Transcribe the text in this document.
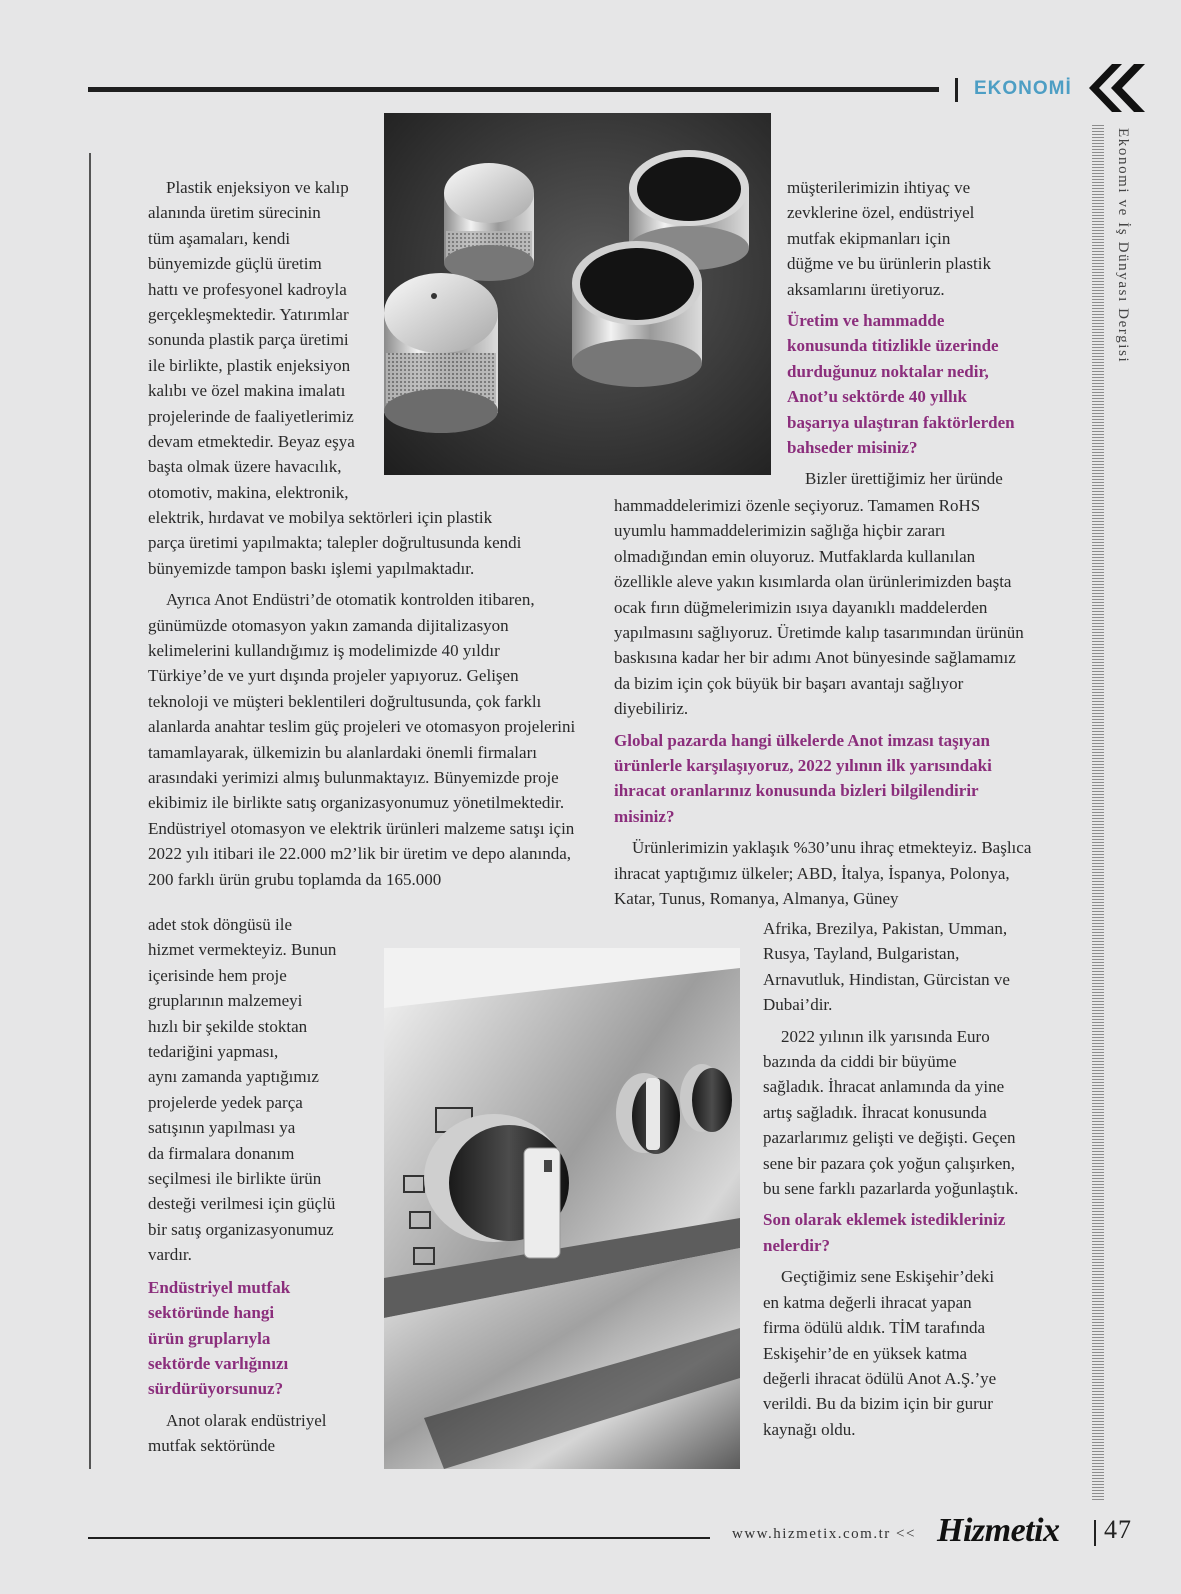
EKONOMİ
Ekonomi ve İş Dünyası Dergisi

Plastik enjeksiyon ve kalıp
alanında üretim sürecinin
tüm aşamaları, kendi
bünyemizde güçlü üretim
hattı ve profesyonel kadroyla
gerçekleşmektedir. Yatırımlar
sonunda plastik parça üretimi
ile birlikte, plastik enjeksiyon
kalıbı ve özel makina imalatı
projelerinde de faaliyetlerimiz
devam etmektedir. Beyaz eşya
başta olmak üzere havacılık,
otomotiv, makina, elektronik,

elektrik, hırdavat ve mobilya sektörleri için plastik parça üretimi yapılmakta; talepler doğrultusunda kendi bünyemizde tampon baskı işlemi yapılmaktadır.

Ayrıca Anot Endüstri’de otomatik kontrolden itibaren, günümüzde otomasyon yakın zamanda dijitalizasyon kelimelerini kullandığımız iş modelimizde 40 yıldır Türkiye’de ve yurt dışında projeler yapıyoruz. Gelişen teknoloji ve müşteri beklentileri doğrultusunda, çok farklı alanlarda anahtar teslim güç projeleri ve otomasyon projelerini tamamlayarak, ülkemizin bu alanlardaki önemli firmaları arasındaki yerimizi almış bulunmaktayız. Bünyemizde proje ekibimiz ile birlikte satış organizasyonumuz yönetilmektedir. Endüstriyel otomasyon ve elektrik ürünleri malzeme satışı için 2022 yılı itibari ile 22.000 m2’lik bir üretim ve depo alanında, 200 farklı ürün grubu toplamda da 165.000

adet stok döngüsü ile
hizmet vermekteyiz. Bunun
içerisinde hem proje
gruplarının malzemeyi
hızlı bir şekilde stoktan
tedariğini yapması,
aynı zamanda yaptığımız
projelerde yedek parça
satışının yapılması ya
da firmalara donanım
seçilmesi ile birlikte ürün
desteği verilmesi için güçlü
bir satış organizasyonumuz
vardır.

Endüstriyel mutfak
sektöründe hangi
ürün gruplarıyla
sektörde varlığınızı
sürdürüyorsunuz?

Anot olarak endüstriyel
mutfak sektöründe

müşterilerimizin ihtiyaç ve
zevklerine özel, endüstriyel
mutfak ekipmanları için
düğme ve bu ürünlerin plastik
aksamlarını üretiyoruz.

Üretim ve hammadde
konusunda titizlikle üzerinde
durduğunuz noktalar nedir,
Anot’u sektörde 40 yıllık
başarıya ulaştıran faktörlerden
bahseder misiniz?

Bizler ürettiğimiz her üründe

hammaddelerimizi özenle seçiyoruz. Tamamen RoHS uyumlu hammaddelerimizin sağlığa hiçbir zararı olmadığından emin oluyoruz. Mutfaklarda kullanılan özellikle aleve yakın kısımlarda olan ürünlerimizden başta ocak fırın düğmelerimizin ısıya dayanıklı maddelerden yapılmasını sağlıyoruz. Üretimde kalıp tasarımından ürünün baskısına kadar her bir adımı Anot bünyesinde sağlamamız da bizim için çok büyük bir başarı avantajı sağlıyor diyebiliriz.

Global pazarda hangi ülkelerde Anot imzası taşıyan ürünlerle karşılaşıyoruz, 2022 yılının ilk yarısındaki ihracat oranlarınız konusunda bizleri bilgilendirir misiniz?

Ürünlerimizin yaklaşık %30’unu ihraç etmekteyiz. Başlıca ihracat yaptığımız ülkeler; ABD, İtalya, İspanya, Polonya, Katar, Tunus, Romanya, Almanya, Güney

Afrika, Brezilya, Pakistan, Umman,
Rusya, Tayland, Bulgaristan,
Arnavutluk, Hindistan, Gürcistan ve
Dubai’dir.

2022 yılının ilk yarısında Euro
bazında da ciddi bir büyüme
sağladık. İhracat anlamında da yine
artış sağladık. İhracat konusunda
pazarlarımız gelişti ve değişti. Geçen
sene bir pazara çok yoğun çalışırken,
bu sene farklı pazarlarda yoğunlaştık.

Son olarak eklemek istedikleriniz
nelerdir?

Geçtiğimiz sene Eskişehir’deki
en katma değerli ihracat yapan
firma ödülü aldık. TİM tarafında
Eskişehir’de en yüksek katma
değerli ihracat ödülü Anot A.Ş.’ye
verildi. Bu da bizim için bir gurur
kaynağı oldu.

www.hizmetix.com.tr << Hizmetix 47
